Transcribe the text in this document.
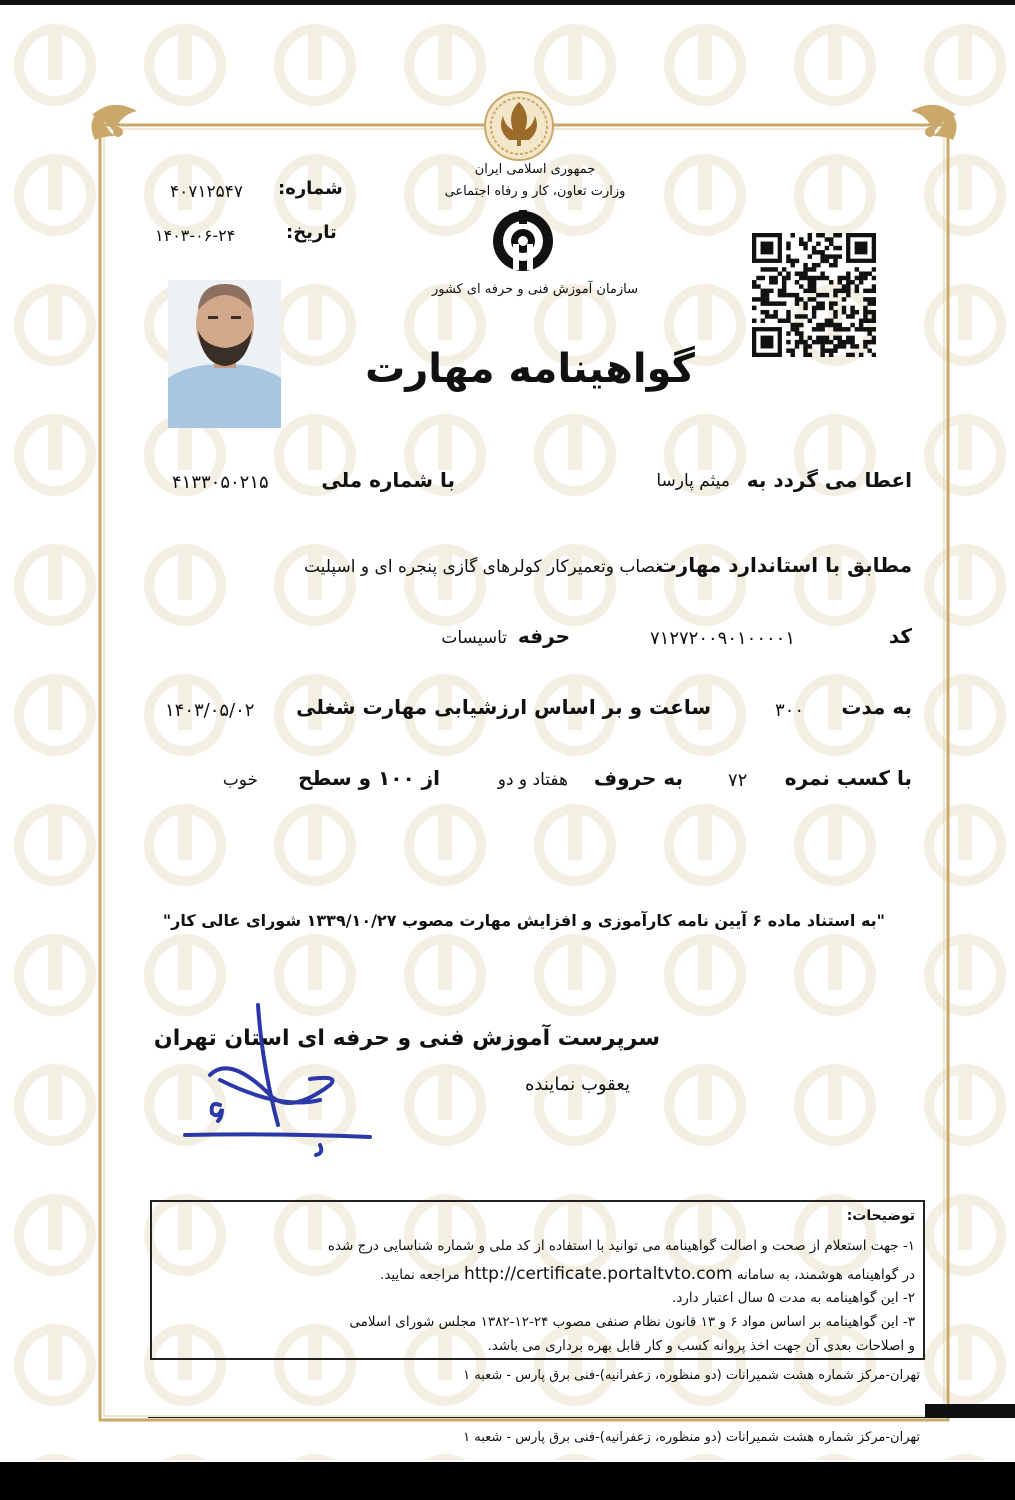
جمهوری اسلامی ایران
وزارت تعاون، کار و رفاه اجتماعی
سازمان آموزش فنی و حرفه ای کشور
شماره:
۴۰۷۱۲۵۴۷
تاریخ:
۱۴۰۳-۰۶-۲۴
گواهینامه مهارت
اعطا می گردد به
میثم پارسا
با شماره ملی
۴۱۳۳۰۵۰۲۱۵
مطابق با استاندارد مهارت
نصاب وتعمیرکار کولرهای گازی پنجره ای و اسپلیت
کد
۷۱۲۷۲۰۰۹۰۱۰۰۰۰۱
حرفه
تاسیسات
به مدت
۳۰۰
ساعت و بر اساس ارزشیابی مهارت شغلی
۱۴۰۳/۰۵/۰۲
با کسب نمره
۷۲
به حروف
هفتاد و دو
از ۱۰۰ و سطح
خوب
"به استناد ماده ۶ آیین نامه کارآموزی و افزایش مهارت مصوب ۱۳۳۹/۱۰/۲۷ شورای عالی کار"
سرپرست آموزش فنی و حرفه ای استان تهران
یعقوب نماینده
توضیحات:
۱- جهت استعلام از صحت و اصالت گواهینامه می توانید با استفاده از کد ملی و شماره شناسایی درج شده
در گواهینامه هوشمند، به سامانه http://certificate.portaltvto.com مراجعه نمایید.
۲- این گواهینامه به مدت ۵ سال اعتبار دارد.
۳- این گواهینامه بر اساس مواد ۶ و ۱۳ قانون نظام صنفی مصوب ۲۴-۱۲-۱۳۸۲ مجلس شورای اسلامی
و اصلاحات بعدی آن جهت اخذ پروانه کسب و کار قابل بهره برداری می باشد.
تهران-مرکز شماره هشت شمیرانات (دو منظوره، زعفرانیه)-فنی برق پارس - شعبه ۱
تهران-مرکز شماره هشت شمیرانات (دو منظوره، زعفرانیه)-فنی برق پارس - شعبه ۱
